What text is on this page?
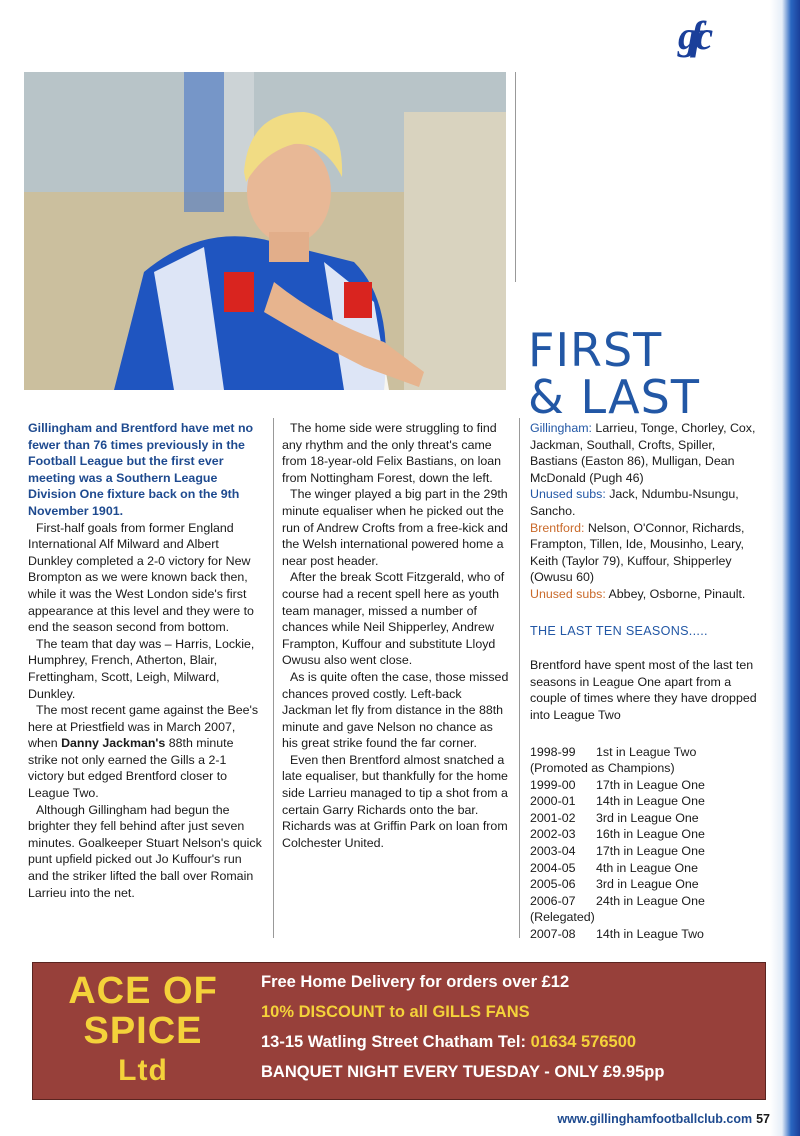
gfc
FIRST
& LAST

Gillingham and Brentford have met no fewer than 76 times previously in the Football League but the first ever meeting was a Southern League Division One fixture back on the 9th November 1901.

First-half goals from former England International Alf Milward and Albert Dunkley completed a 2-0 victory for New Brompton as we were known back then, while it was the West London side's first appearance at this level and they were to end the season second from bottom.

The team that day was – Harris, Lockie, Humphrey, French, Atherton, Blair, Frettingham, Scott, Leigh, Milward, Dunkley.

The most recent game against the Bee's here at Priestfield was in March 2007, when Danny Jackman's 88th minute strike not only earned the Gills a 2-1 victory but edged Brentford closer to League Two.

Although Gillingham had begun the brighter they fell behind after just seven minutes. Goalkeeper Stuart Nelson's quick punt upfield picked out Jo Kuffour's run and the striker lifted the ball over Romain Larrieu into the net.

The home side were struggling to find any rhythm and the only threat's came from 18-year-old Felix Bastians, on loan from Nottingham Forest, down the left.

The winger played a big part in the 29th minute equaliser when he picked out the run of Andrew Crofts from a free-kick and the Welsh international powered home a near post header.

After the break Scott Fitzgerald, who of course had a recent spell here as youth team manager, missed a number of chances while Neil Shipperley, Andrew Frampton, Kuffour and substitute Lloyd Owusu also went close.

As is quite often the case, those missed chances proved costly. Left-back Jackman let fly from distance in the 88th minute and gave Nelson no chance as his great strike found the far corner.

Even then Brentford almost snatched a late equaliser, but thankfully for the home side Larrieu managed to tip a shot from a certain Garry Richards onto the bar. Richards was at Griffin Park on loan from Colchester United.

Gillingham: Larrieu, Tonge, Chorley, Cox, Jackman, Southall, Crofts, Spiller, Bastians (Easton 86), Mulligan, Dean McDonald (Pugh 46)

Unused subs: Jack, Ndumbu-Nsungu, Sancho.

Brentford: Nelson, O'Connor, Richards, Frampton, Tillen, Ide, Mousinho, Leary, Keith (Taylor 79), Kuffour, Shipperley (Owusu 60)

Unused subs: Abbey, Osborne, Pinault.

THE LAST TEN SEASONS.....

Brentford have spent most of the last ten seasons in League One apart from a couple of times where they have dropped into League Two

1998-99	1st in League Two
(Promoted as Champions)
1999-00	17th in League One
2000-01	14th in League One
2001-02	3rd in League One
2002-03	16th in League One
2003-04	17th in League One
2004-05	4th in League One
2005-06	3rd in League One
2006-07	24th in League One
(Relegated)
2007-08	14th in League Two
ACE OF
SPICE
Ltd
Free Home Delivery for orders over £12
10% DISCOUNT to all GILLS FANS
13-15 Watling Street Chatham Tel: 01634 576500
BANQUET NIGHT EVERY TUESDAY - ONLY £9.95pp
www.gillinghamfootballclub.com 57
